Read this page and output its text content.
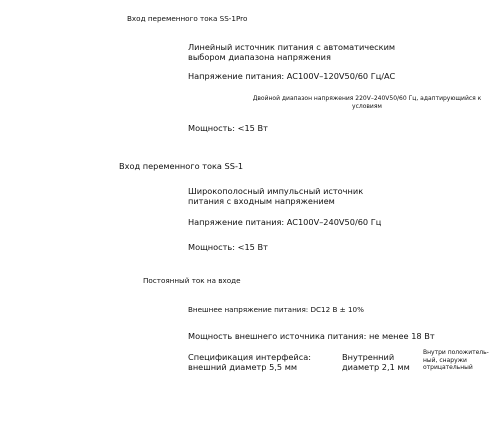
Вход переменного тока SS-1Pro
Линейный источник питания с автоматическим выбором диапазона напряжения
Напряжение питания: AC100V–120V50/60 Гц/AC
Двойной диапазон напряжения 220V–240V50/60 Гц, адаптирующийся к условиям
Мощность: <15 Вт
Вход переменного тока SS-1
Широкополосный импульсный источник питания с входным напряжением
Напряжение питания: AC100V–240V50/60 Гц
Мощность: <15 Вт
Постоянный ток на входе
Внешнее напряжение питания: DC12 В ± 10%
Мощность внешнего источника питания: не менее 18 Вт
Спецификация интерфейса: внешний диаметр 5,5 мм
Внутренний диаметр 2,1 мм
Внутри положитель-ный, снаружи отрицательный
